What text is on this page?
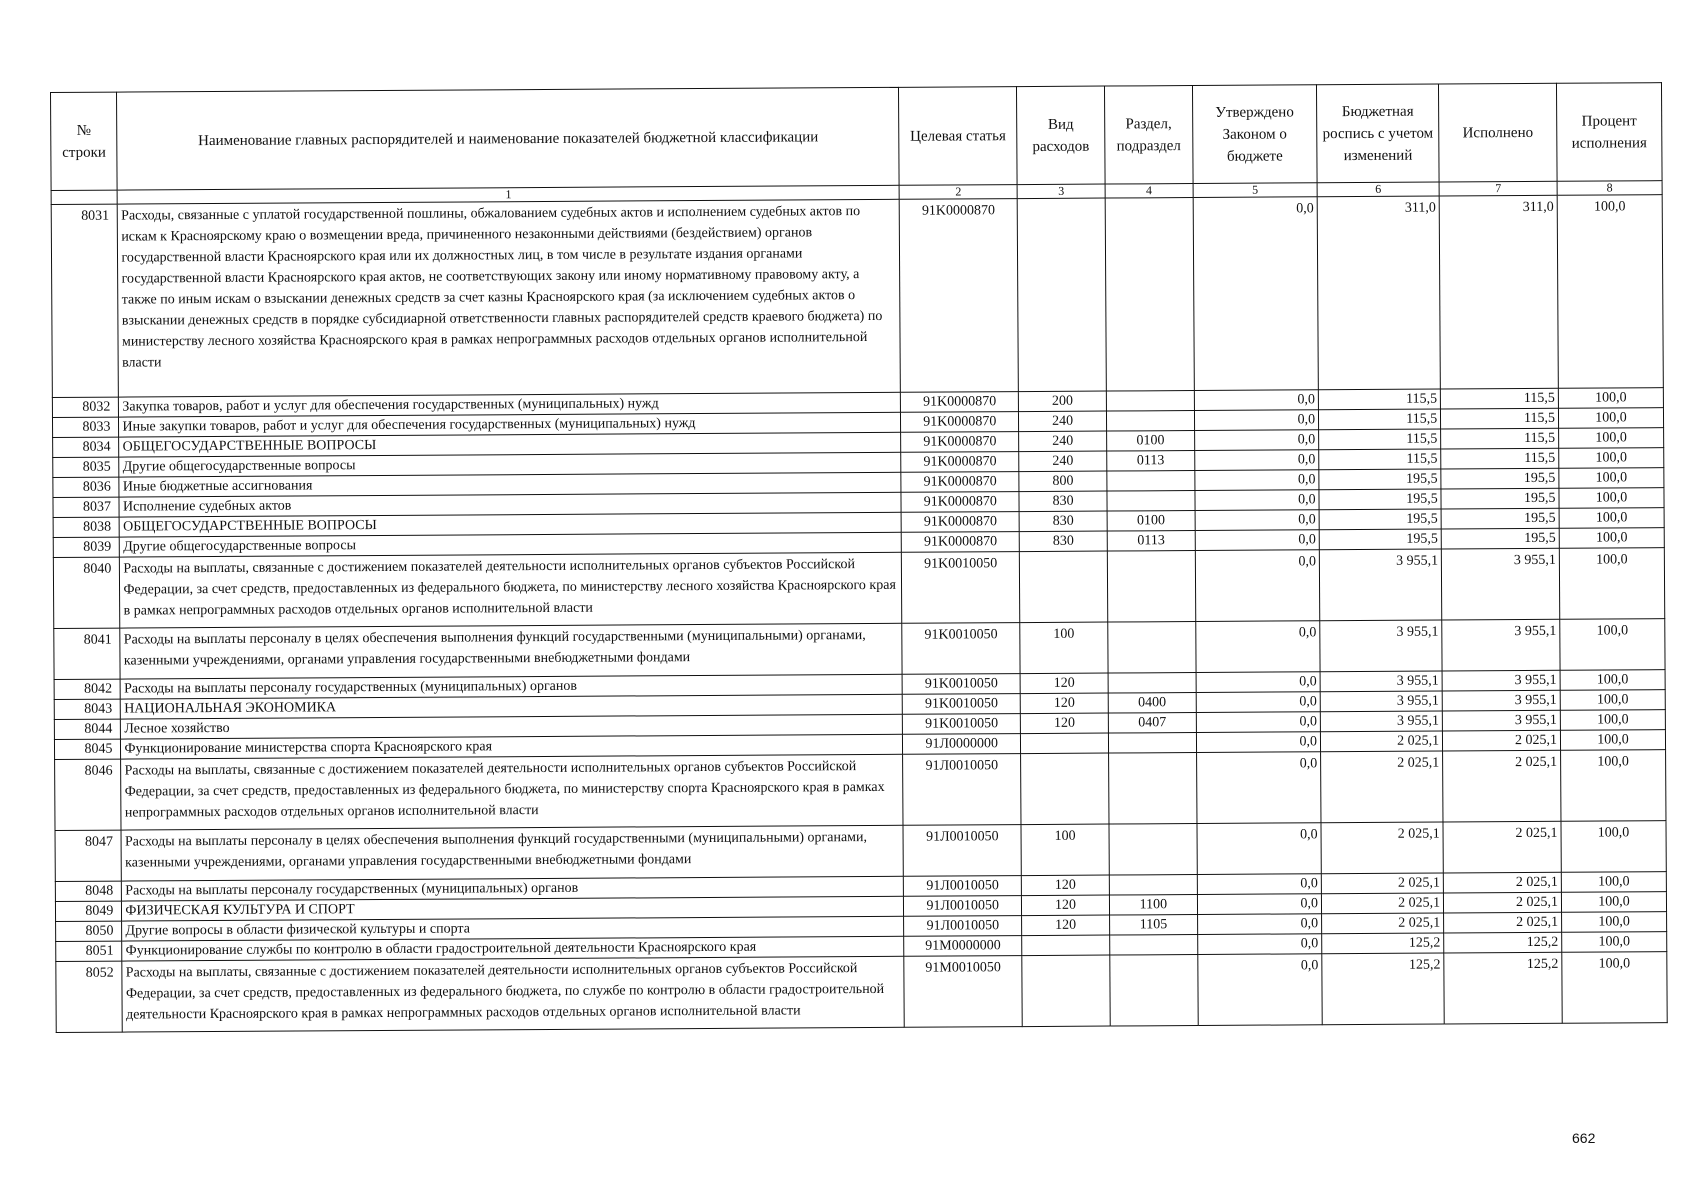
№ строки	Наименование главных распорядителей и наименование показателей бюджетной классификации	Целевая статья	Вид расходов	Раздел, подраздел	Утверждено Законом о бюджете	Бюджетная роспись с учетом изменений	Исполнено	Процент исполнения
	1	2	3	4	5	6	7	8
8031	Расходы, связанные с уплатой государственной пошлины, обжалованием судебных актов и исполнением судебных актов по искам к Красноярскому краю о возмещении вреда, причиненного незаконными действиями (бездействием) органов государственной власти Красноярского края или их должностных лиц, в том числе в результате издания органами государственной власти Красноярского края актов, не соответствующих закону или иному нормативному правовому акту, а также по иным искам о взыскании денежных средств за счет казны Красноярского края (за исключением судебных актов о взыскании денежных средств в порядке субсидиарной ответственности главных распорядителей средств краевого бюджета) по министерству лесного хозяйства Красноярского края в рамках непрограммных расходов отдельных органов исполнительной власти	91K0000870			0,0	311,0	311,0	100,0
8032	Закупка товаров, работ и услуг для обеспечения государственных (муниципальных) нужд	91K0000870	200		0,0	115,5	115,5	100,0
8033	Иные закупки товаров, работ и услуг для обеспечения государственных (муниципальных) нужд	91K0000870	240		0,0	115,5	115,5	100,0
8034	ОБЩЕГОСУДАРСТВЕННЫЕ ВОПРОСЫ	91K0000870	240	0100	0,0	115,5	115,5	100,0
8035	Другие общегосударственные вопросы	91K0000870	240	0113	0,0	115,5	115,5	100,0
8036	Иные бюджетные ассигнования	91K0000870	800		0,0	195,5	195,5	100,0
8037	Исполнение судебных актов	91K0000870	830		0,0	195,5	195,5	100,0
8038	ОБЩЕГОСУДАРСТВЕННЫЕ ВОПРОСЫ	91K0000870	830	0100	0,0	195,5	195,5	100,0
8039	Другие общегосударственные вопросы	91K0000870	830	0113	0,0	195,5	195,5	100,0
8040	Расходы на выплаты, связанные с достижением показателей деятельности исполнительных органов субъектов Российской Федерации, за счет средств, предоставленных из федерального бюджета, по министерству лесного хозяйства Красноярского края в рамках непрограммных расходов отдельных органов исполнительной власти	91K0010050			0,0	3 955,1	3 955,1	100,0
8041	Расходы на выплаты персоналу в целях обеспечения выполнения функций государственными (муниципальными) органами, казенными учреждениями, органами управления государственными внебюджетными фондами	91K0010050	100		0,0	3 955,1	3 955,1	100,0
8042	Расходы на выплаты персоналу государственных (муниципальных) органов	91K0010050	120		0,0	3 955,1	3 955,1	100,0
8043	НАЦИОНАЛЬНАЯ ЭКОНОМИКА	91K0010050	120	0400	0,0	3 955,1	3 955,1	100,0
8044	Лесное хозяйство	91K0010050	120	0407	0,0	3 955,1	3 955,1	100,0
8045	Функционирование министерства спорта Красноярского края	91Л0000000			0,0	2 025,1	2 025,1	100,0
8046	Расходы на выплаты, связанные с достижением показателей деятельности исполнительных органов субъектов Российской Федерации, за счет средств, предоставленных из федерального бюджета, по министерству спорта Красноярского края в рамках непрограммных расходов отдельных органов исполнительной власти	91Л0010050			0,0	2 025,1	2 025,1	100,0
8047	Расходы на выплаты персоналу в целях обеспечения выполнения функций государственными (муниципальными) органами, казенными учреждениями, органами управления государственными внебюджетными фондами	91Л0010050	100		0,0	2 025,1	2 025,1	100,0
8048	Расходы на выплаты персоналу государственных (муниципальных) органов	91Л0010050	120		0,0	2 025,1	2 025,1	100,0
8049	ФИЗИЧЕСКАЯ КУЛЬТУРА И СПОРТ	91Л0010050	120	1100	0,0	2 025,1	2 025,1	100,0
8050	Другие вопросы в области физической культуры и спорта	91Л0010050	120	1105	0,0	2 025,1	2 025,1	100,0
8051	Функционирование службы по контролю в области градостроительной деятельности Красноярского края	91M0000000			0,0	125,2	125,2	100,0
8052	Расходы на выплаты, связанные с достижением показателей деятельности исполнительных органов субъектов Российской Федерации, за счет средств, предоставленных из федерального бюджета, по службе по контролю в области градостроительной деятельности Красноярского края в рамках непрограммных расходов отдельных органов исполнительной власти	91M0010050			0,0	125,2	125,2	100,0
662
